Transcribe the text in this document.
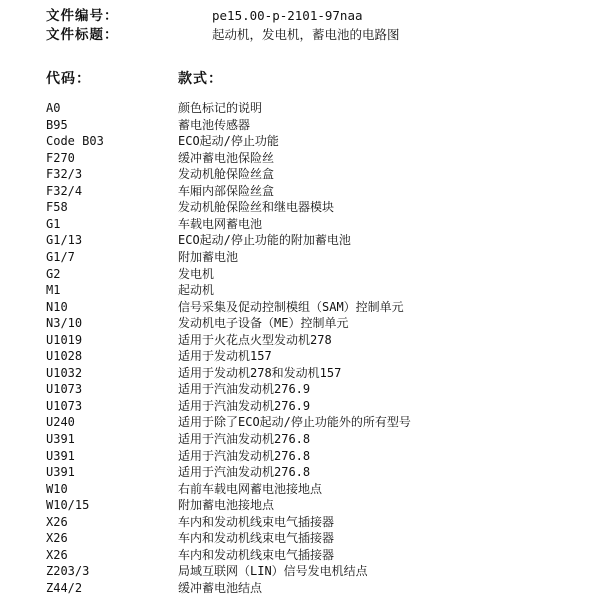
文件编号：	pe15.00-p-2101-97naa
文件标题：	起动机，发电机，蓄电池的电路图
代码：	款式：
A0	颜色标记的说明
B95	蓄电池传感器
Code B03	ECO起动/停止功能
F270	缓冲蓄电池保险丝
F32/3	发动机舱保险丝盒
F32/4	车厢内部保险丝盒
F58	发动机舱保险丝和继电器模块
G1	车载电网蓄电池
G1/13	ECO起动/停止功能的附加蓄电池
G1/7	附加蓄电池
G2	发电机
M1	起动机
N10	信号采集及促动控制模组（SAM）控制单元
N3/10	发动机电子设备（ME）控制单元
U1019	适用于火花点火型发动机278
U1028	适用于发动机157
U1032	适用于发动机278和发动机157
U1073	适用于汽油发动机276.9
U1073	适用于汽油发动机276.9
U240	适用于除了ECO起动/停止功能外的所有型号
U391	适用于汽油发动机276.8
U391	适用于汽油发动机276.8
U391	适用于汽油发动机276.8
W10	右前车载电网蓄电池接地点
W10/15	附加蓄电池接地点
X26	车内和发动机线束电气插接器
X26	车内和发动机线束电气插接器
X26	车内和发动机线束电气插接器
Z203/3	局域互联网（LIN）信号发电机结点
Z44/2	缓冲蓄电池结点
